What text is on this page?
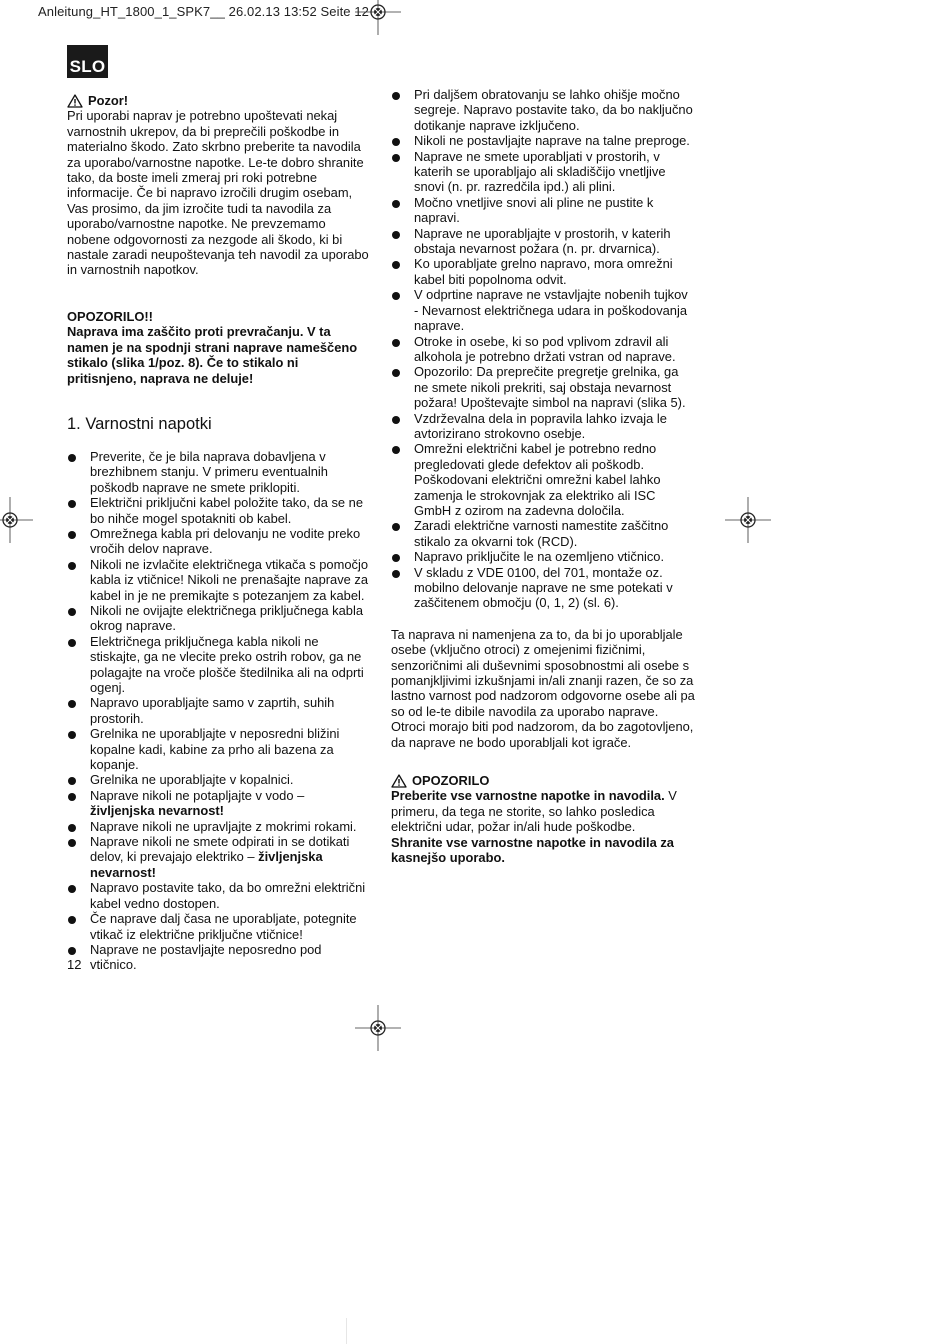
Anleitung_HT_1800_1_SPK7__ 26.02.13 13:52 Seite 12
SLO
Pozor!

Pri uporabi naprav je potrebno upoštevati nekaj varnostnih ukrepov, da bi preprečili poškodbe in materialno škodo. Zato skrbno preberite ta navodila za uporabo/varnostne napotke. Le-te dobro shranite tako, da boste imeli zmeraj pri roki potrebne informacije. Če bi napravo izročili drugim osebam, Vas prosimo, da jim izročite tudi ta navodila za uporabo/varnostne napotke. Ne prevzemamo nobene odgovornosti za nezgode ali škodo, ki bi nastale zaradi neupoštevanja teh navodil za uporabo in varnostnih napotkov.

OPOZORILO!!

Naprava ima zaščito proti prevračanju. V ta namen je na spodnji strani naprave nameščeno stikalo (slika 1/poz. 8). Če to stikalo ni pritisnjeno, naprava ne deluje!

1. Varnostni napotki
Preverite, če je bila naprava dobavljena v brezhibnem stanju. V primeru eventualnih poškodb naprave ne smete priklopiti.
Električni priključni kabel položite tako, da se ne bo nihče mogel spotakniti ob kabel.
Omrežnega kabla pri delovanju ne vodite preko vročih delov naprave.
Nikoli ne izvlačite električnega vtikača s pomočjo kabla iz vtičnice! Nikoli ne prenašajte naprave za kabel in je ne premikajte s potezanjem za kabel.
Nikoli ne ovijajte električnega priključnega kabla okrog naprave.
Električnega priključnega kabla nikoli ne stiskajte, ga ne vlecite preko ostrih robov, ga ne polagajte na vroče plošče štedilnika ali na odprti ogenj.
Napravo uporabljajte samo v zaprtih, suhih prostorih.
Grelnika ne uporabljajte v neposredni bližini kopalne kadi, kabine za prho ali bazena za kopanje.
Grelnika ne uporabljajte v kopalnici.
Naprave nikoli ne potapljajte v vodo – življenjska nevarnost!
Naprave nikoli ne upravljajte z mokrimi rokami.
Naprave nikoli ne smete odpirati in se dotikati delov, ki prevajajo elektriko – življenjska nevarnost!
Napravo postavite tako, da bo omrežni električni kabel vedno dostopen.
Če naprave dalj časa ne uporabljate, potegnite vtikač iz električne priključne vtičnice!
Naprave ne postavljajte neposredno pod vtičnico.
Pri daljšem obratovanju se lahko ohišje močno segreje. Napravo postavite tako, da bo naključno dotikanje naprave izključeno.
Nikoli ne postavljajte naprave na talne preproge.
Naprave ne smete uporabljati v prostorih, v katerih se uporabljajo ali skladiščijo vnetljive snovi (n. pr. razredčila ipd.) ali plini.
Močno vnetljive snovi ali pline ne pustite k napravi.
Naprave ne uporabljajte v prostorih, v katerih obstaja nevarnost požara (n. pr. drvarnica).
Ko uporabljate grelno napravo, mora omrežni kabel biti popolnoma odvit.
V odprtine naprave ne vstavljajte nobenih tujkov - Nevarnost električnega udara in poškodovanja naprave.
Otroke in osebe, ki so pod vplivom zdravil ali alkohola je potrebno držati vstran od naprave.
Opozorilo: Da preprečite pregretje grelnika, ga ne smete nikoli prekriti, saj obstaja nevarnost požara! Upoštevajte simbol na napravi (slika 5).
Vzdrževalna dela in popravila lahko izvaja le avtorizirano strokovno osebje.
Omrežni električni kabel je potrebno redno pregledovati glede defektov ali poškodb. Poškodovani električni omrežni kabel lahko zamenja le strokovnjak za elektriko ali ISC GmbH z ozirom na zadevna določila.
Zaradi električne varnosti namestite zaščitno stikalo za okvarni tok (RCD).
Napravo priključite le na ozemljeno vtičnico.
V skladu z VDE 0100, del 701, montaže oz. mobilno delovanje naprave ne sme potekati v zaščitenem območju (0, 1, 2) (sl. 6).

Ta naprava ni namenjena za to, da bi jo uporabljale osebe (vključno otroci) z omejenimi fizičnimi, senzoričnimi ali duševnimi sposobnostmi ali osebe s pomanjkljivimi izkušnjami in/ali znanji razen, če so za lastno varnost pod nadzorom odgovorne osebe ali pa so od le-te dibile navodila za uporabo naprave. Otroci morajo biti pod nadzorom, da bo zagotovljeno, da naprave ne bodo uporabljali kot igrače.

OPOZORILO

Preberite vse varnostne napotke in navodila. V primeru, da tega ne storite, so lahko posledica električni udar, požar in/ali hude poškodbe.

Shranite vse varnostne napotke in navodila za kasnejšo uporabo.

12
